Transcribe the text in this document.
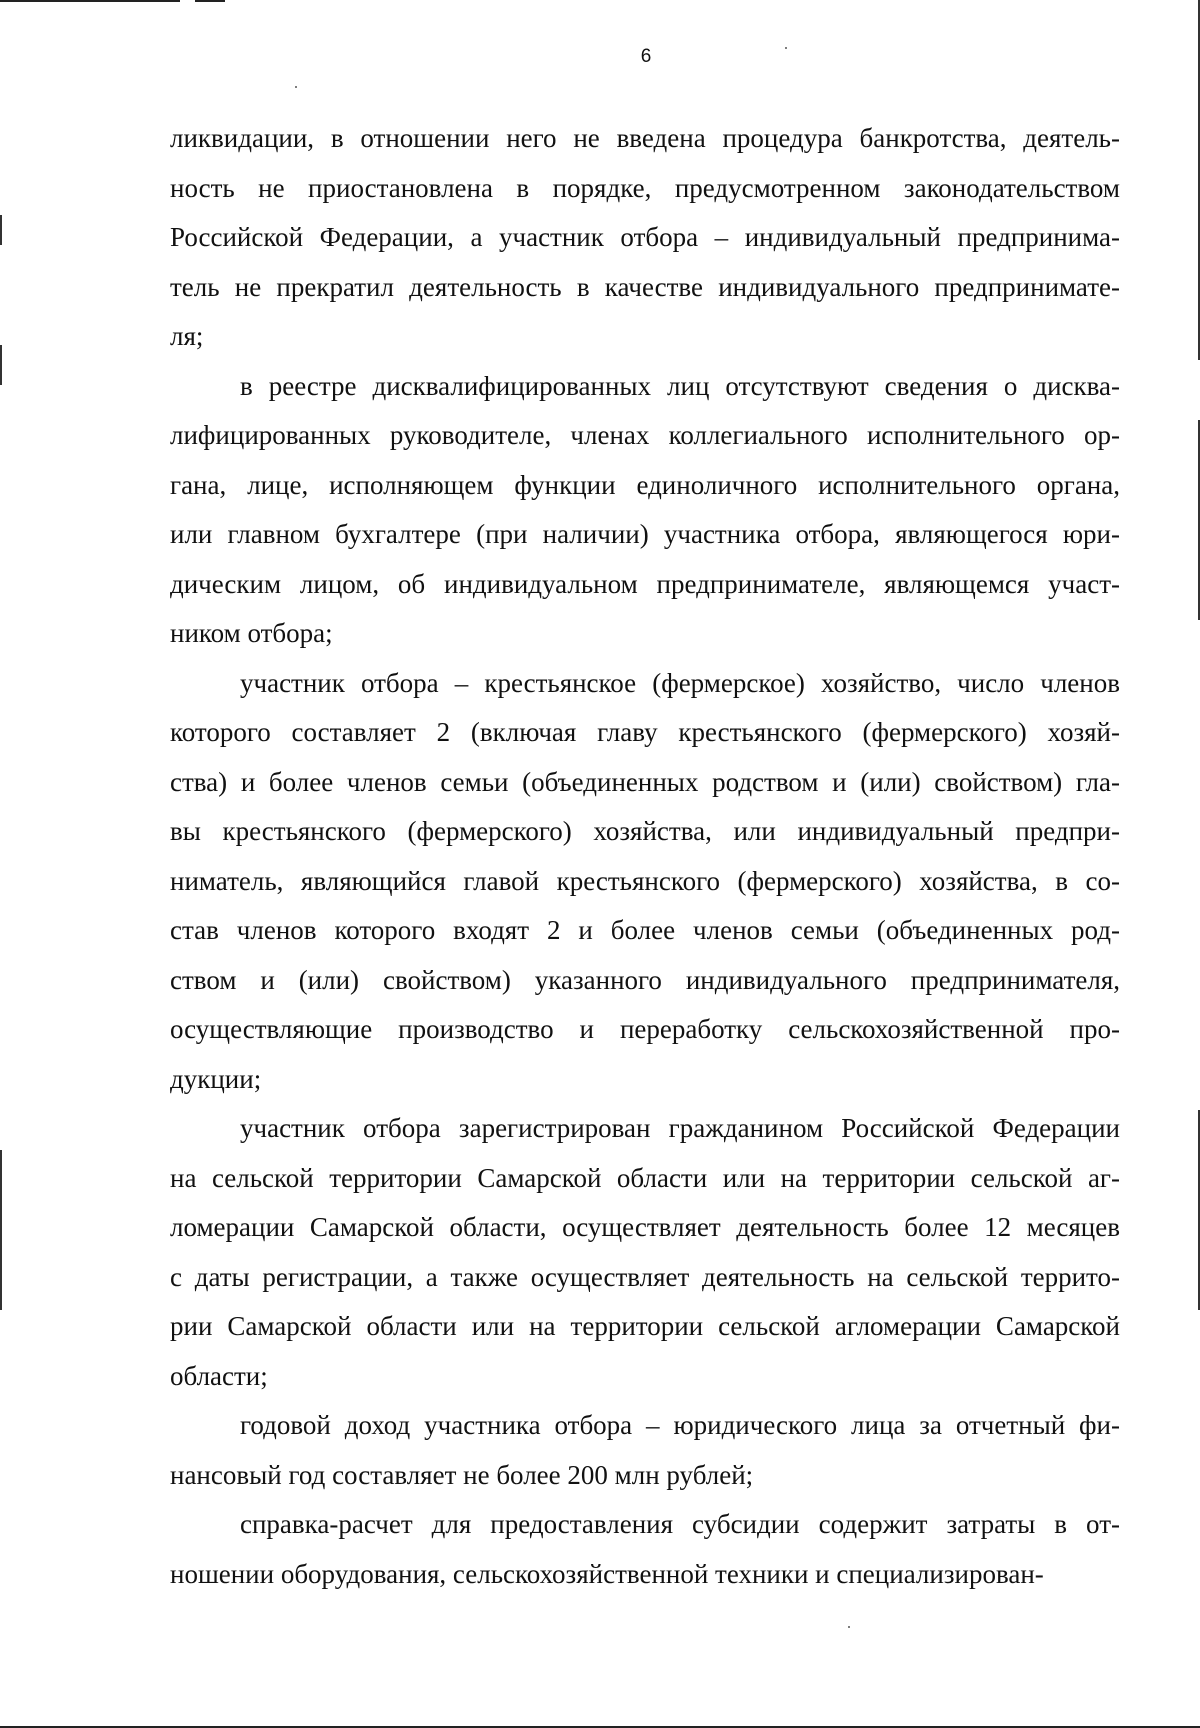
6
ликвидации, в отношении него не введена процедура банкротства, деятель-
ность не приостановлена в порядке, предусмотренном законодательством
Российской Федерации, а участник отбора – индивидуальный предпринима-
тель не прекратил деятельность в качестве индивидуального предпринимате-
ля;
в реестре дисквалифицированных лиц отсутствуют сведения о дисква-
лифицированных руководителе, членах коллегиального исполнительного ор-
гана, лице, исполняющем функции единоличного исполнительного органа,
или главном бухгалтере (при наличии) участника отбора, являющегося юри-
дическим лицом, об индивидуальном предпринимателе, являющемся участ-
ником отбора;
участник отбора – крестьянское (фермерское) хозяйство, число членов
которого составляет 2 (включая главу крестьянского (фермерского) хозяй-
ства) и более членов семьи (объединенных родством и (или) свойством) гла-
вы крестьянского (фермерского) хозяйства, или индивидуальный предпри-
ниматель, являющийся главой крестьянского (фермерского) хозяйства, в со-
став членов которого входят 2 и более членов семьи (объединенных род-
ством и (или) свойством) указанного индивидуального предпринимателя,
осуществляющие производство и переработку сельскохозяйственной про-
дукции;
участник отбора зарегистрирован гражданином Российской Федерации
на сельской территории Самарской области или на территории сельской аг-
ломерации Самарской области, осуществляет деятельность более 12 месяцев
с даты регистрации, а также осуществляет деятельность на сельской террито-
рии Самарской области или на территории сельской агломерации Самарской
области;
годовой доход участника отбора – юридического лица за отчетный фи-
нансовый год составляет не более 200 млн рублей;
справка-расчет для предоставления субсидии содержит затраты в от-
ношении оборудования, сельскохозяйственной техники и специализирован-
